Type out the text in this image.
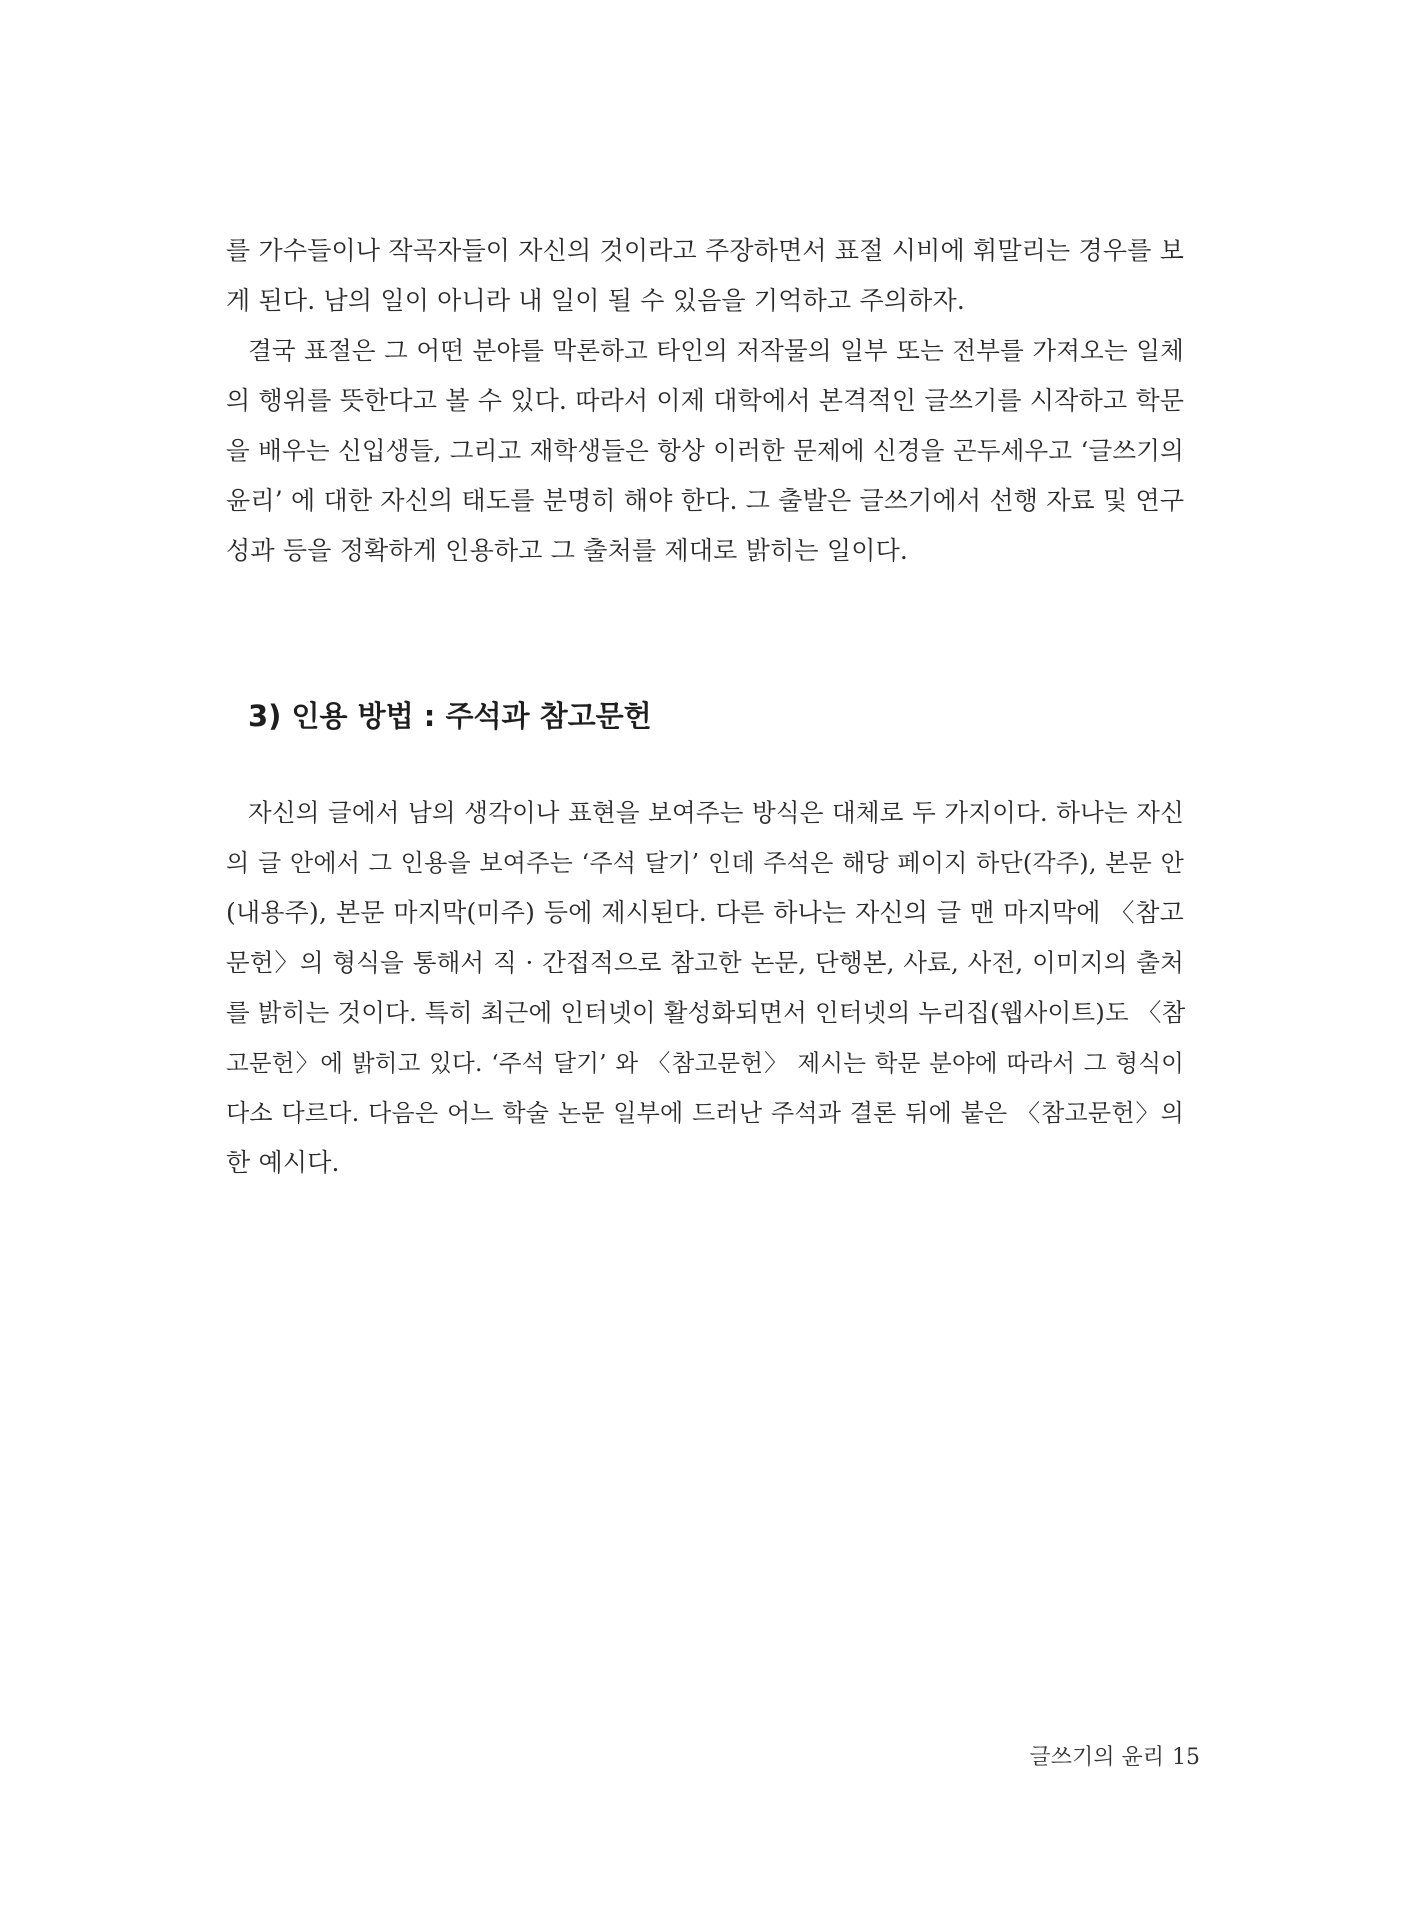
를 가수들이나 작곡자들이 자신의 것이라고 주장하면서 표절 시비에 휘말리는 경우를 보
게 된다. 남의 일이 아니라 내 일이 될 수 있음을 기억하고 주의하자.
결국 표절은 그 어떤 분야를 막론하고 타인의 저작물의 일부 또는 전부를 가져오는 일체
의 행위를 뜻한다고 볼 수 있다. 따라서 이제 대학에서 본격적인 글쓰기를 시작하고 학문
을 배우는 신입생들, 그리고 재학생들은 항상 이러한 문제에 신경을 곤두세우고 ‘글쓰기의
윤리’ 에 대한 자신의 태도를 분명히 해야 한다. 그 출발은 글쓰기에서 선행 자료 및 연구
성과 등을 정확하게 인용하고 그 출처를 제대로 밝히는 일이다.
3) 인용 방법 : 주석과 참고문헌
자신의 글에서 남의 생각이나 표현을 보여주는 방식은 대체로 두 가지이다. 하나는 자신
의 글 안에서 그 인용을 보여주는 ‘주석 달기’ 인데 주석은 해당 페이지 하단(각주), 본문 안
(내용주), 본문 마지막(미주) 등에 제시된다. 다른 하나는 자신의 글 맨 마지막에 〈참고
문헌〉의 형식을 통해서 직 · 간접적으로 참고한 논문, 단행본, 사료, 사전, 이미지의 출처
를 밝히는 것이다. 특히 최근에 인터넷이 활성화되면서 인터넷의 누리집(웹사이트)도 〈참
고문헌〉에 밝히고 있다. ‘주석 달기’ 와 〈참고문헌〉 제시는 학문 분야에 따라서 그 형식이
다소 다르다. 다음은 어느 학술 논문 일부에 드러난 주석과 결론 뒤에 붙은 〈참고문헌〉의
한 예시다.
글쓰기의 윤리 15
